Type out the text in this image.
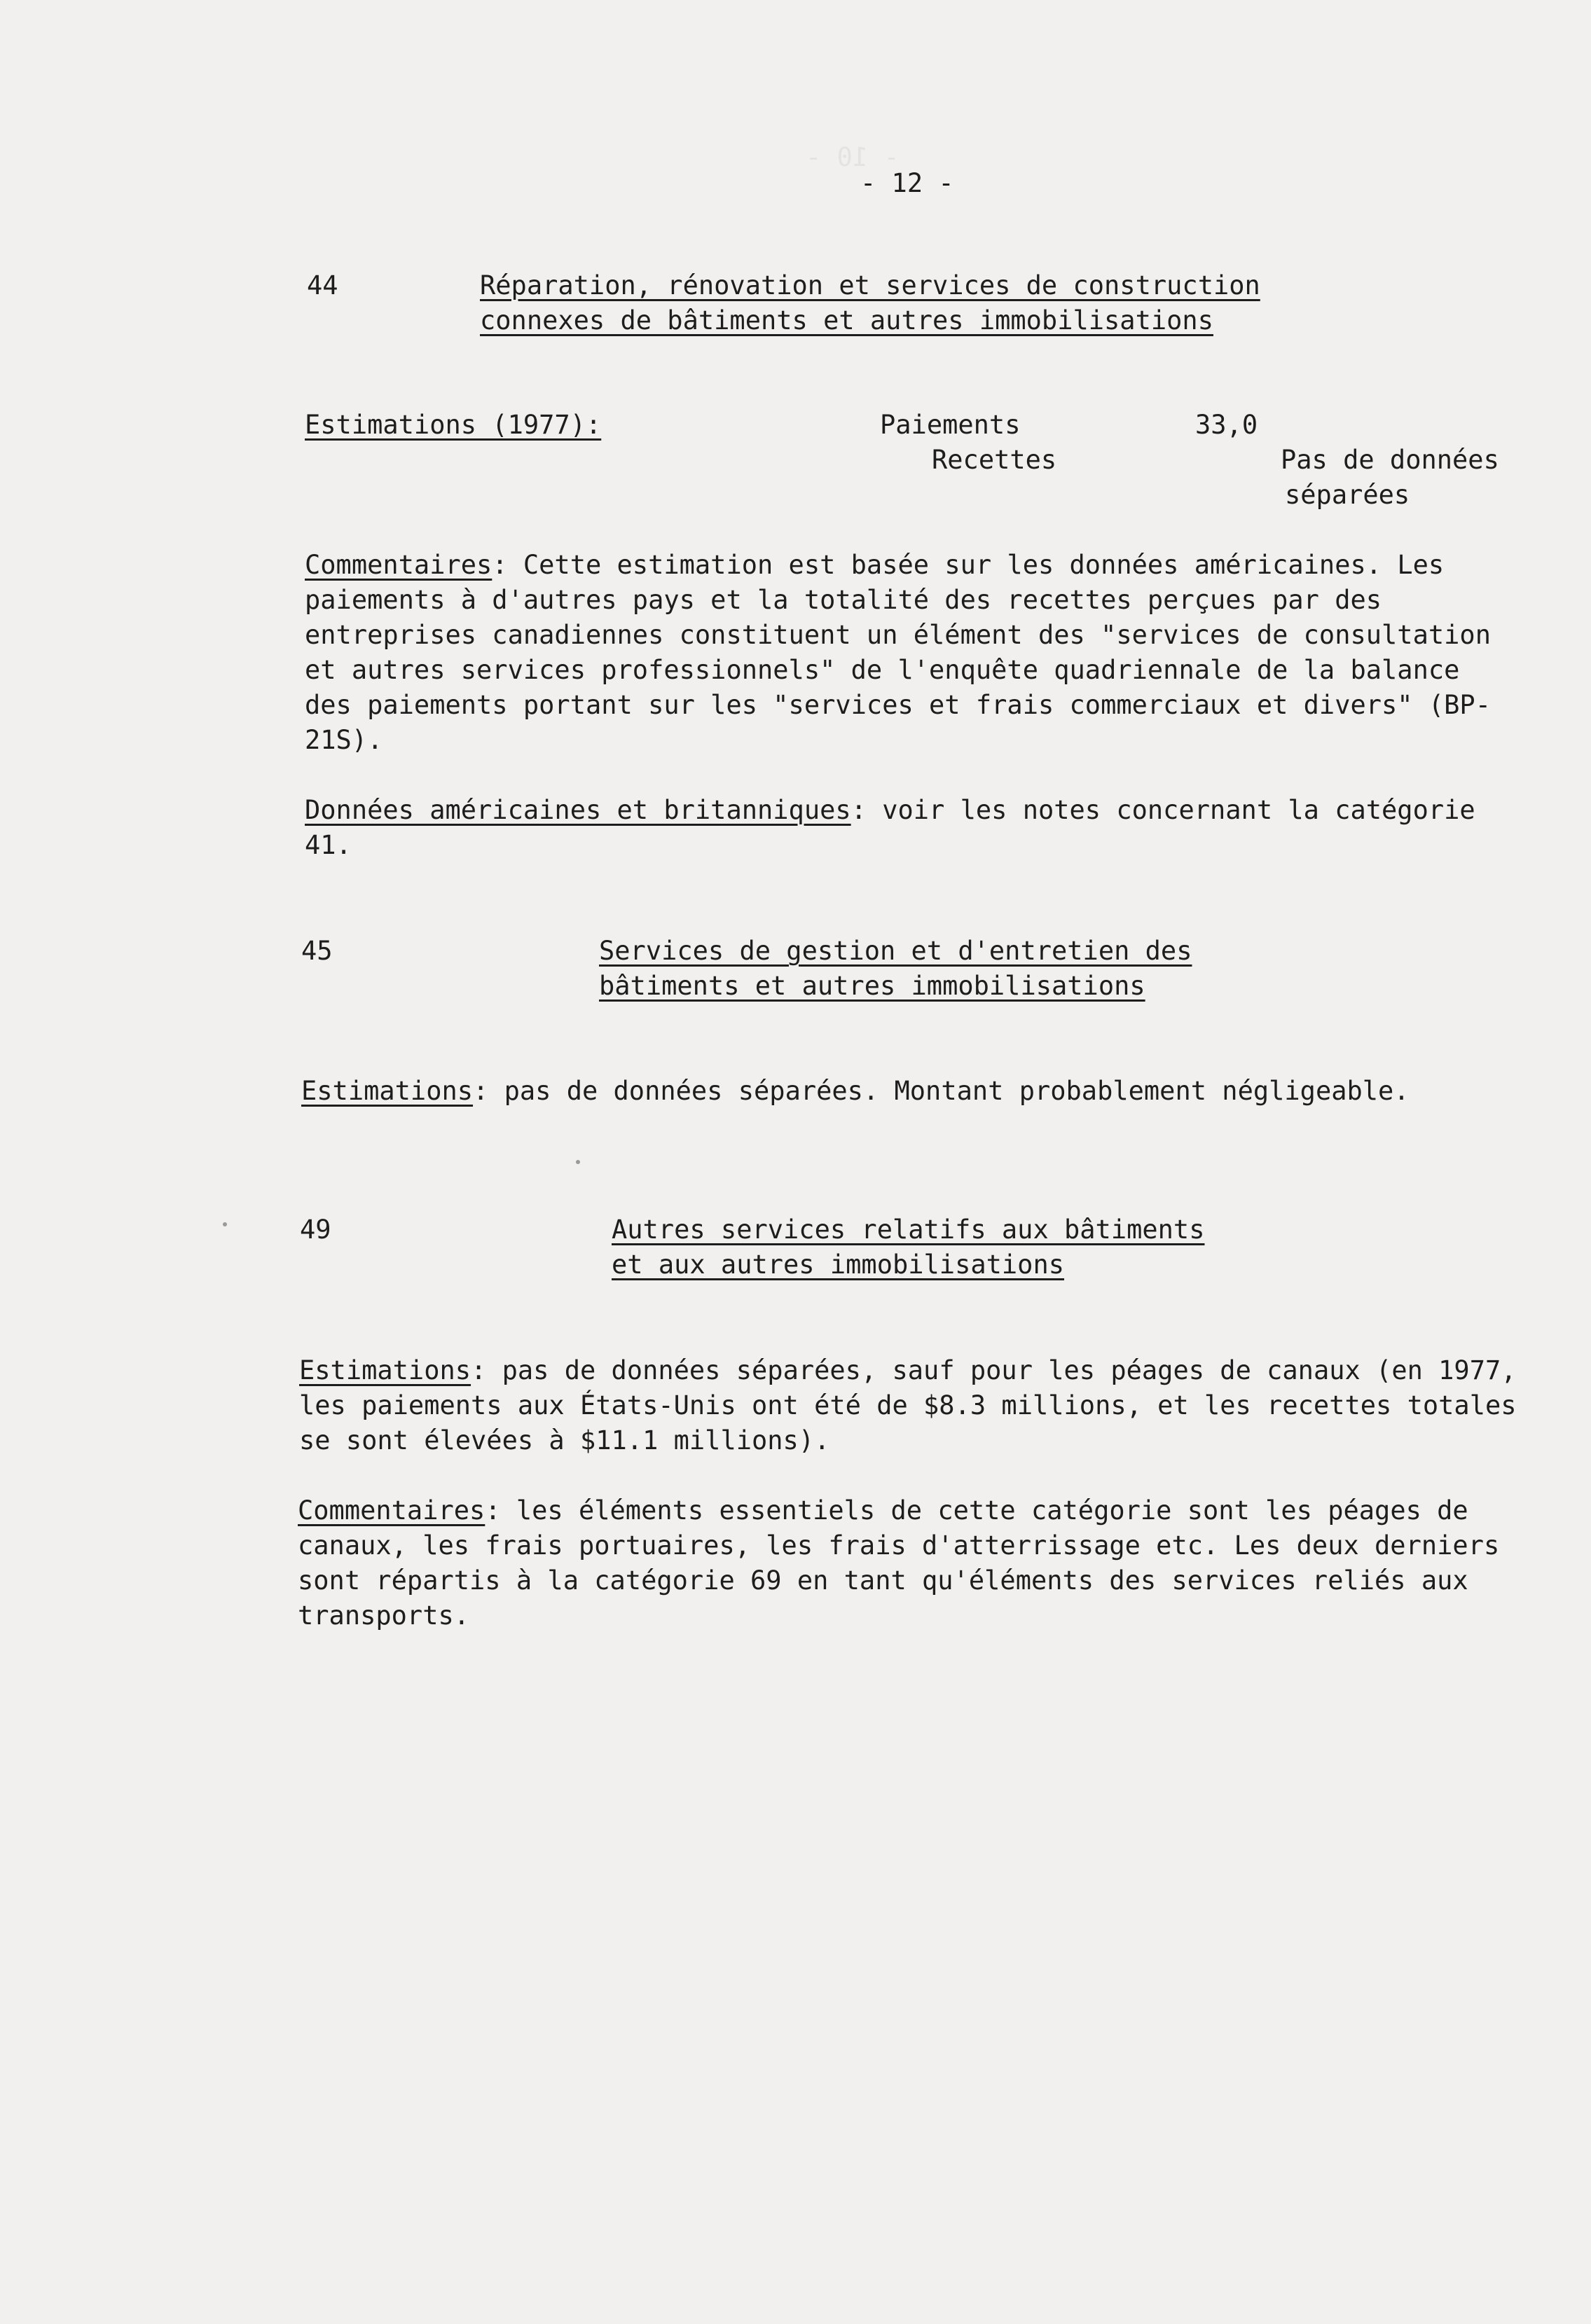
- 10 -
- 12 -
44	Réparation, rénovation et services de construction
connexes de bâtiments et autres immobilisations
Estimations (1977):	Paiements	33,0
Recettes	Pas de données
séparées
Commentaires: Cette estimation est basée sur les données américaines. Les paiements à d'autres pays et la totalité des recettes perçues par des entreprises canadiennes constituent un élément des "services de consultation et autres services professionnels" de l'enquête quadriennale de la balance des paiements portant sur les "services et frais commerciaux et divers" (BP-21S).
Données américaines et britanniques: voir les notes concernant la catégorie 41.
45	Services de gestion et d'entretien des
bâtiments et autres immobilisations
Estimations: pas de données séparées. Montant probablement négligeable.
49	Autres services relatifs aux bâtiments
et aux autres immobilisations
Estimations: pas de données séparées, sauf pour les péages de canaux (en 1977, les paiements aux États-Unis ont été de $8.3 millions, et les recettes totales se sont élevées à $11.1 millions).
Commentaires: les éléments essentiels de cette catégorie sont les péages de canaux, les frais portuaires, les frais d'atterrissage etc. Les deux derniers sont répartis à la catégorie 69 en tant qu'éléments des services reliés aux transports.
